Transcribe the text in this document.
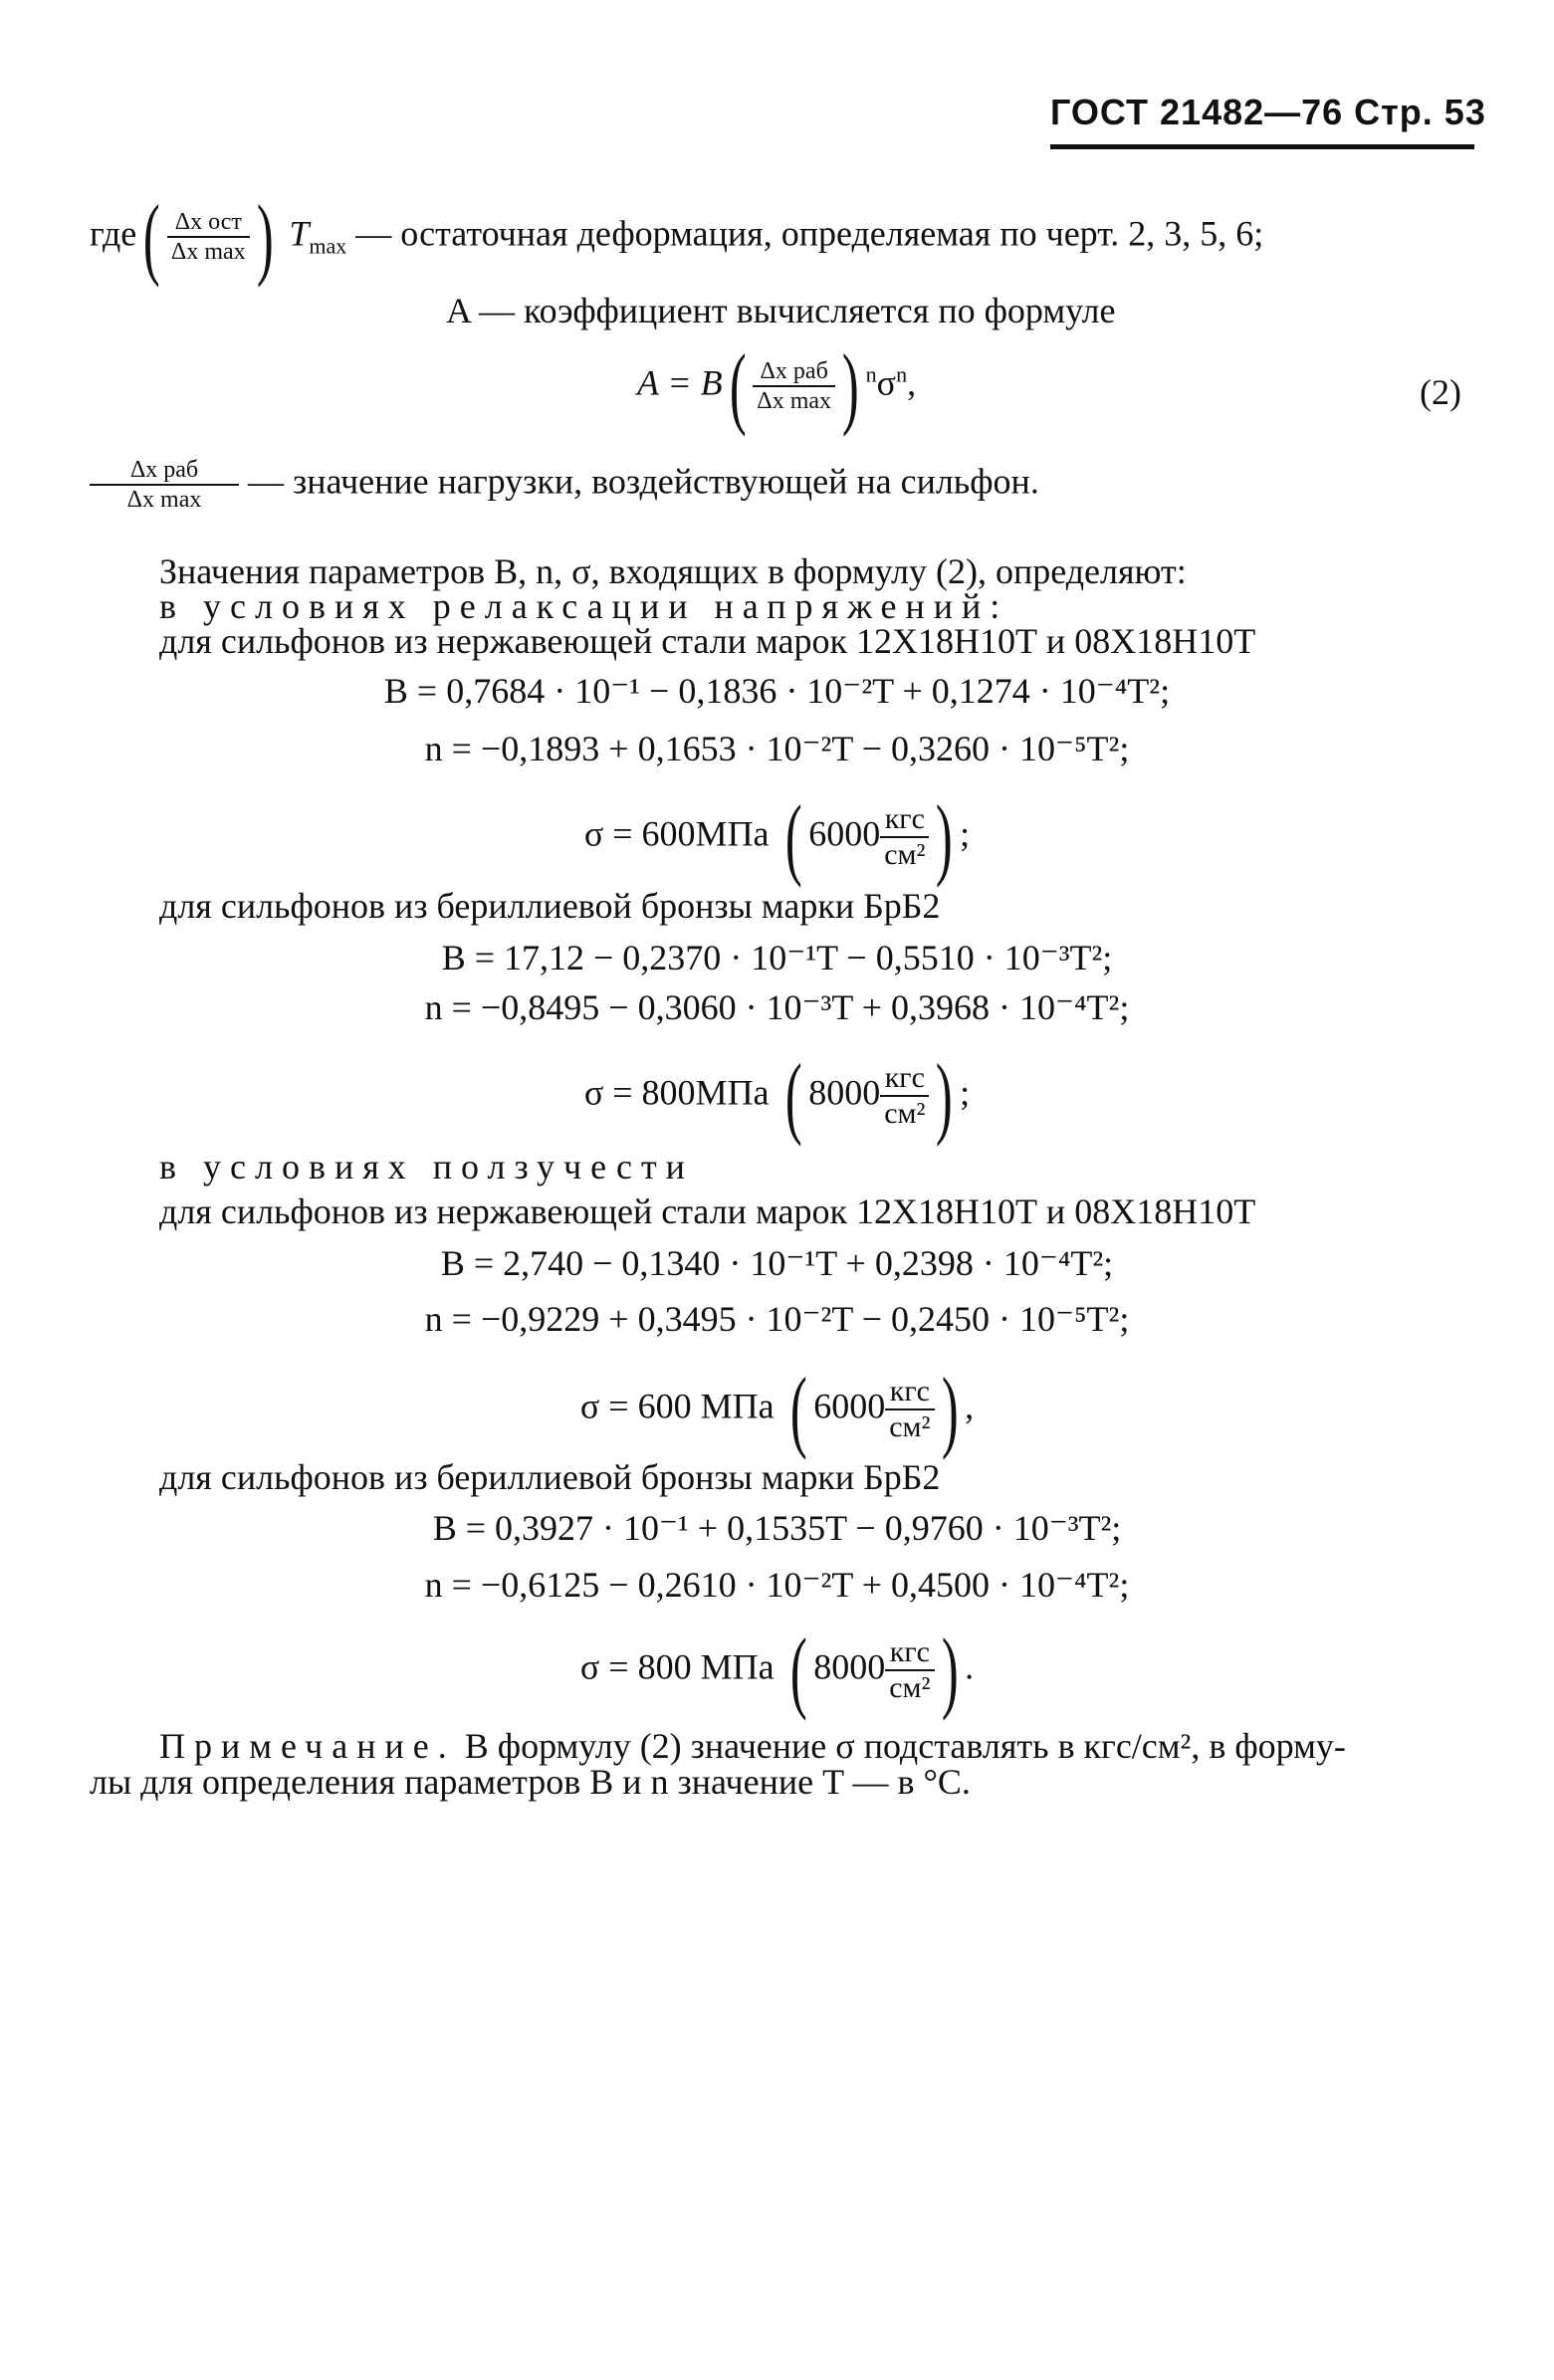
ГОСТ 21482—76 Стр. 53
где( Δx ост
Δx max ) $T_{max}$ — остаточная деформация, определяемая по черт. 2, 3, 5, 6;
A — коэффициент вычисляется по формуле
A = B( Δx раб
Δx max ) $^n\sigma^n$,	(2)
Δx раб
Δx max	— значение нагрузки, воздействующей на сильфон.
Значения параметров B, n, σ, входящих в формулу (2), определяют:
в условиях релаксации напряжений:
для сильфонов из нержавеющей стали марок 12Х18Н10Т и 08Х18Н10Т
B = 0,7684 · 10⁻¹ − 0,1836 · 10⁻²T + 0,1274 · 10⁻⁴T²;
n = −0,1893 + 0,1653 · 10⁻²T − 0,3260 · 10⁻⁵T²;
σ = 600МПа ( 6000 кгс
см² ) ;
для сильфонов из бериллиевой бронзы марки БрБ2
B = 17,12 − 0,2370 · 10⁻¹T − 0,5510 · 10⁻³T²;
n = −0,8495 − 0,3060 · 10⁻³T + 0,3968 · 10⁻⁴T²;
σ = 800МПа ( 8000 кгс
см² ) ;
в условиях ползучести
для сильфонов из нержавеющей стали марок 12Х18Н10Т и 08Х18Н10Т
B = 2,740 − 0,1340 · 10⁻¹T + 0,2398 · 10⁻⁴T²;
n = −0,9229 + 0,3495 · 10⁻²T − 0,2450 · 10⁻⁵T²;
σ = 600 МПа ( 6000 кгс
см² ) ,
для сильфонов из бериллиевой бронзы марки БрБ2
B = 0,3927 · 10⁻¹ + 0,1535T − 0,9760 · 10⁻³T²;
n = −0,6125 − 0,2610 · 10⁻²T + 0,4500 · 10⁻⁴T²;
σ = 800 МПа ( 8000 кгс
см² ) .
Примечание. В формулу (2) значение σ подставлять в кгс/см², в форму-
лы для определения параметров B и n значение T — в °С.
